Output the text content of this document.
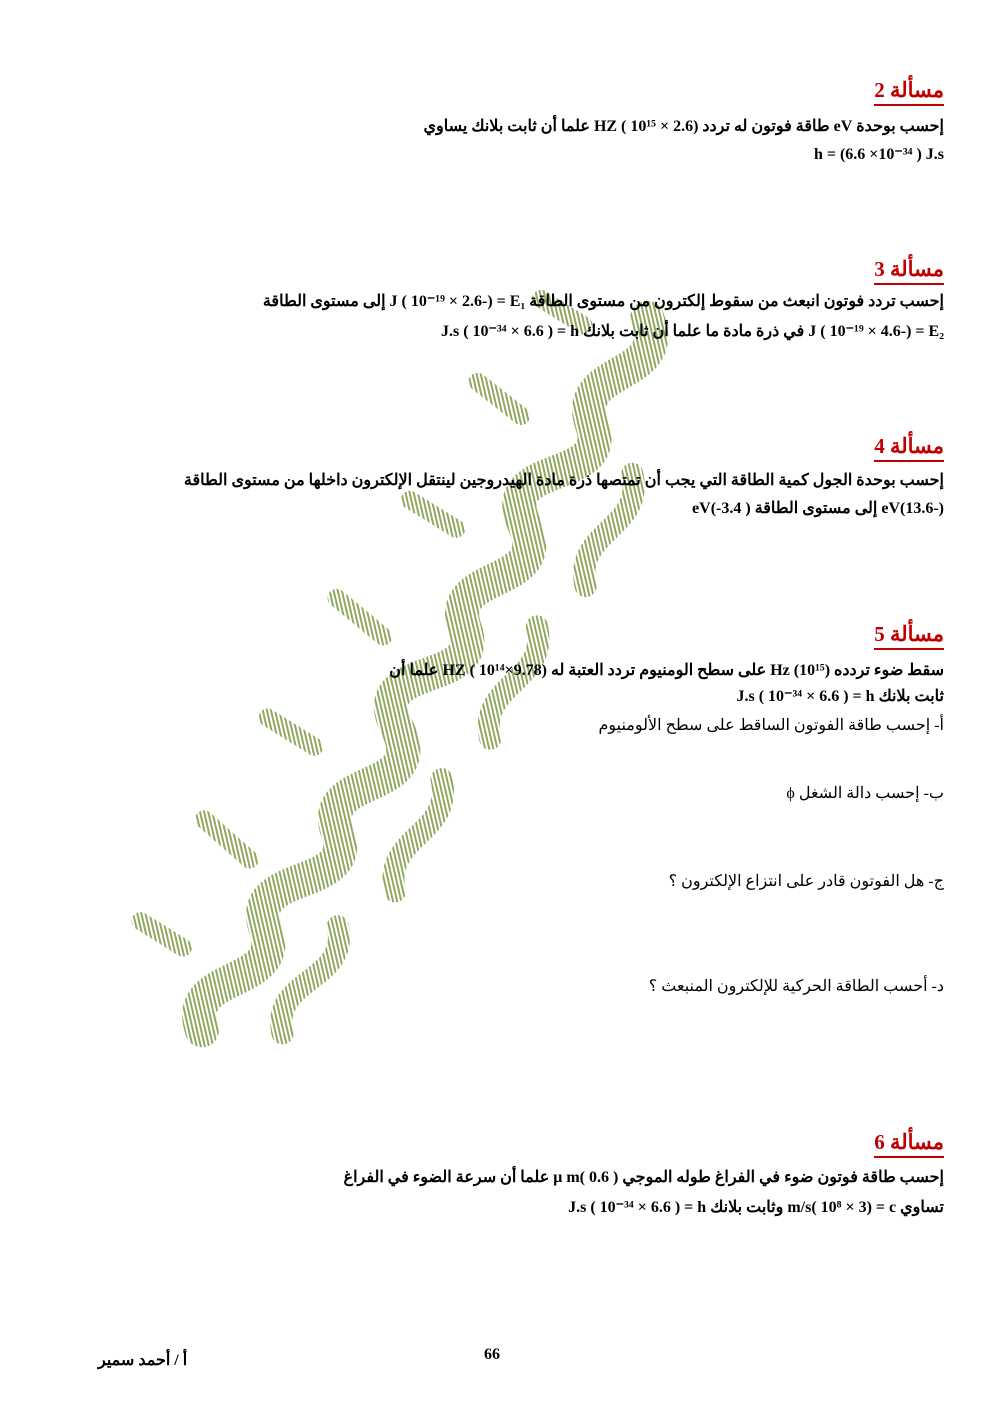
مسألة 2
إحسب بوحدة eV طاقة فوتون له تردد HZ ( 10¹⁵ × 2.6) علما أن ثابت بلانك يساوي
h = (6.6 ×10⁻³⁴ ) J.s
مسألة 3
إحسب تردد فوتون انبعث من سقوط إلكترون من مستوى الطاقة J ( 10⁻¹⁹ × 2.6-) = E₁ إلى مستوى الطاقة
J ( 10⁻¹⁹ × 4.6-) = E₂ في ذرة مادة ما علما أن ثابت بلانك J.s ( 10⁻³⁴ × 6.6 ) = h
مسألة 4
إحسب بوحدة الجول كمية الطاقة التي يجب أن تمتصها ذرة مادة الهيدروجين لينتقل الإلكترون داخلها من مستوى الطاقة
(-13.6)eV إلى مستوى الطاقة eV(-3.4 )
مسألة 5
سقط ضوء تردده Hz (10¹⁵) على سطح الومنيوم تردد العتبة له HZ ( 10¹⁴×9.78) علما أن
ثابت بلانك J.s ( 10⁻³⁴ × 6.6 ) = h
أ- إحسب طاقة الفوتون الساقط على سطح الألومنيوم
ب- إحسب دالة الشغل ϕ
ج- هل الفوتون قادر على انتزاع الإلكترون ؟
د- أحسب الطاقة الحركية للإلكترون المنبعث ؟
مسألة 6
إحسب طاقة فوتون ضوء في الفراغ طوله الموجي μ m( 0.6 ) علما أن سرعة الضوء في الفراغ
تساوي m/s( 10⁸ × 3) = c وثابت بلانك J.s ( 10⁻³⁴ × 6.6 ) = h
66
أ / أحمد سمير
